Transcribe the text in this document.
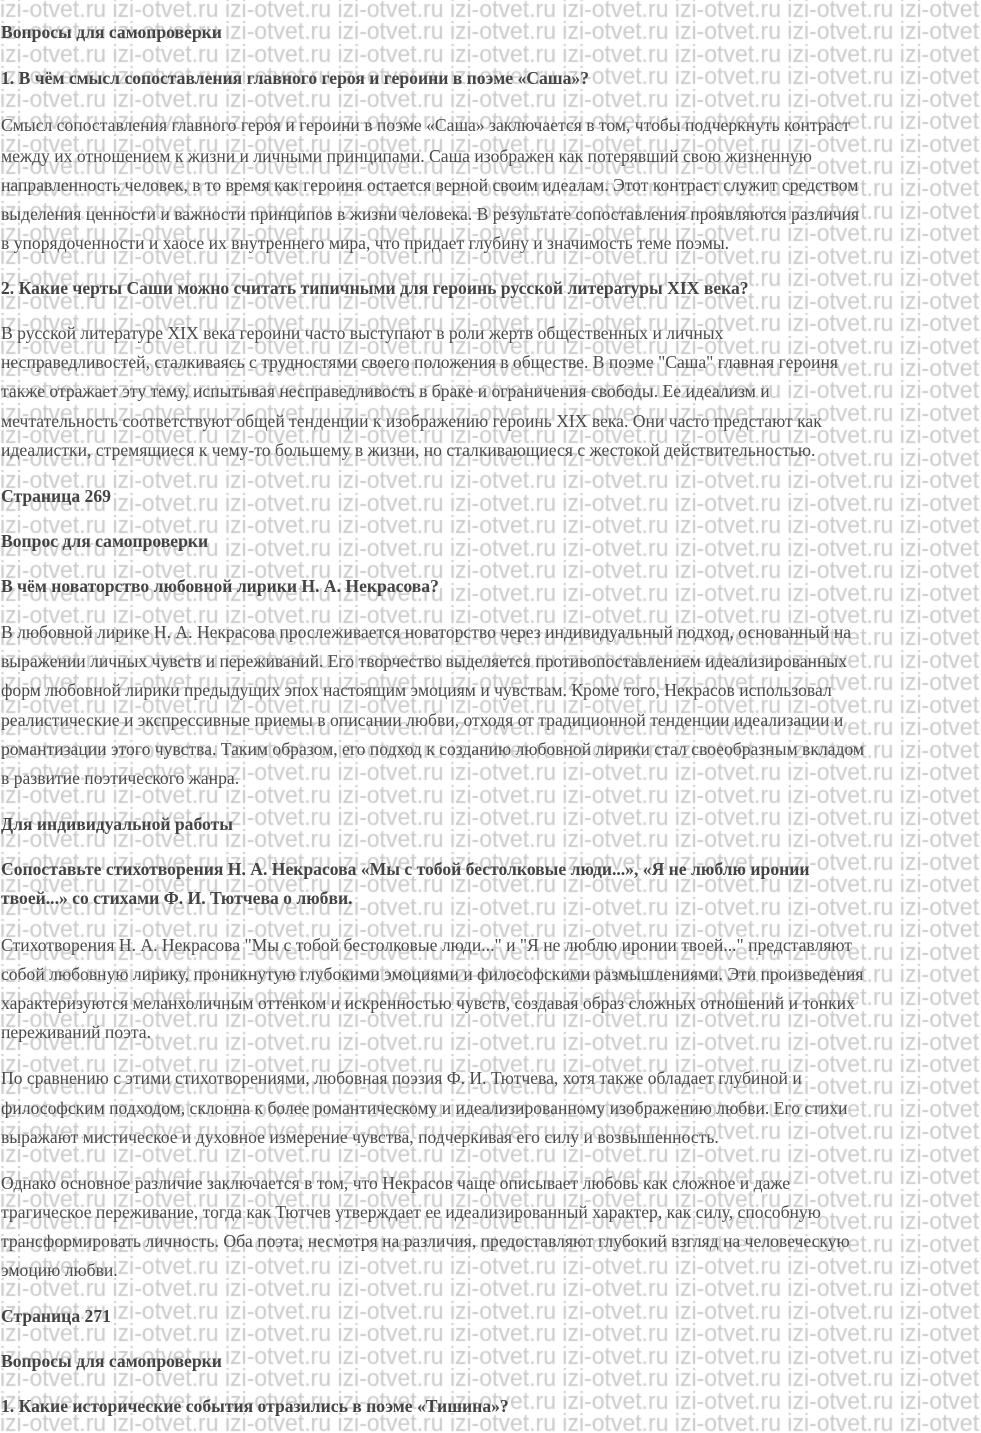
Вопросы для самопроверки
1. В чём смысл сопоставления главного героя и героини в поэме «Саша»?
Смысл сопоставления главного героя и героини в поэме «Саша» заключается в том, чтобы подчеркнуть контраст
между их отношением к жизни и личными принципами. Саша изображен как потерявший свою жизненную
направленность человек, в то время как героиня остается верной своим идеалам. Этот контраст служит средством
выделения ценности и важности принципов в жизни человека. В результате сопоставления проявляются различия
в упорядоченности и хаосе их внутреннего мира, что придает глубину и значимость теме поэмы.
2. Какие черты Саши можно считать типичными для героинь русской литературы XIX века?
В русской литературе XIX века героини часто выступают в роли жертв общественных и личных
несправедливостей, сталкиваясь с трудностями своего положения в обществе. В поэме "Саша" главная героиня
также отражает эту тему, испытывая несправедливость в браке и ограничения свободы. Ее идеализм и
мечтательность соответствуют общей тенденции к изображению героинь XIX века. Они часто предстают как
идеалистки, стремящиеся к чему-то большему в жизни, но сталкивающиеся с жестокой действительностью.
Страница 269
Вопрос для самопроверки
В чём новаторство любовной лирики Н. А. Некрасова?
В любовной лирике Н. А. Некрасова прослеживается новаторство через индивидуальный подход, основанный на
выражении личных чувств и переживаний. Его творчество выделяется противопоставлением идеализированных
форм любовной лирики предыдущих эпох настоящим эмоциям и чувствам. Кроме того, Некрасов использовал
реалистические и экспрессивные приемы в описании любви, отходя от традиционной тенденции идеализации и
романтизации этого чувства. Таким образом, его подход к созданию любовной лирики стал своеобразным вкладом
в развитие поэтического жанра.
Для индивидуальной работы
Сопоставьте стихотворения Н. А. Некрасова «Мы с тобой бестолковые люди...», «Я не люблю иронии
твоей...» со стихами Ф. И. Тютчева о любви.
Стихотворения Н. А. Некрасова "Мы с тобой бестолковые люди..." и "Я не люблю иронии твоей..." представляют
собой любовную лирику, проникнутую глубокими эмоциями и философскими размышлениями. Эти произведения
характеризуются меланхоличным оттенком и искренностью чувств, создавая образ сложных отношений и тонких
переживаний поэта.
По сравнению с этими стихотворениями, любовная поэзия Ф. И. Тютчева, хотя также обладает глубиной и
философским подходом, склонна к более романтическому и идеализированному изображению любви. Его стихи
выражают мистическое и духовное измерение чувства, подчеркивая его силу и возвышенность.
Однако основное различие заключается в том, что Некрасов чаще описывает любовь как сложное и даже
трагическое переживание, тогда как Тютчев утверждает ее идеализированный характер, как силу, способную
трансформировать личность. Оба поэта, несмотря на различия, предоставляют глубокий взгляд на человеческую
эмоцию любви.
Страница 271
Вопросы для самопроверки
1. Какие исторические события отразились в поэме «Тишина»?
